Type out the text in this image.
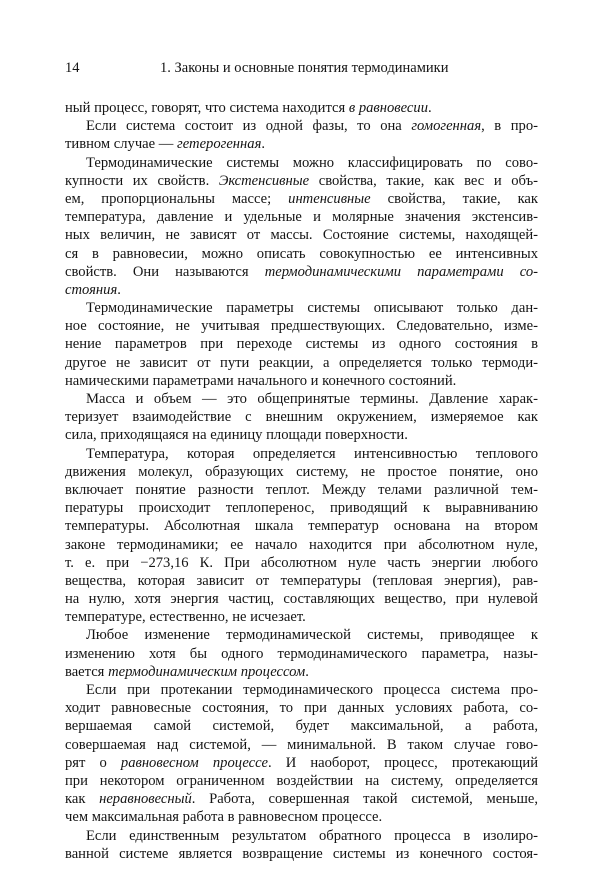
14	1. Законы и основные понятия термодинамики
ный процесс, говорят, что система находится в равновесии.
Если система состоит из одной фазы, то она гомогенная, в про-
тивном случае — гетерогенная.
Термодинамические системы можно классифицировать по сово-
купности их свойств. Экстенсивные свойства, такие, как вес и объ-
ем, пропорциональны массе; интенсивные свойства, такие, как
температура, давление и удельные и молярные значения экстенсив-
ных величин, не зависят от массы. Состояние системы, находящей-
ся в равновесии, можно описать совокупностью ее интенсивных
свойств. Они называются термодинамическими параметрами со-
стояния.
Термодинамические параметры системы описывают только дан-
ное состояние, не учитывая предшествующих. Следовательно, изме-
нение параметров при переходе системы из одного состояния в
другое не зависит от пути реакции, а определяется только термоди-
намическими параметрами начального и конечного состояний.
Масса и объем — это общепринятые термины. Давление харак-
теризует взаимодействие с внешним окружением, измеряемое как
сила, приходящаяся на единицу площади поверхности.
Температура, которая определяется интенсивностью теплового
движения молекул, образующих систему, не простое понятие, оно
включает понятие разности теплот. Между телами различной тем-
пературы происходит теплоперенос, приводящий к выравниванию
температуры. Абсолютная шкала температур основана на втором
законе термодинамики; ее начало находится при абсолютном нуле,
т. е. при −273,16 К. При абсолютном нуле часть энергии любого
вещества, которая зависит от температуры (тепловая энергия), рав-
на нулю, хотя энергия частиц, составляющих вещество, при нулевой
температуре, естественно, не исчезает.
Любое изменение термодинамической системы, приводящее к
изменению хотя бы одного термодинамического параметра, назы-
вается термодинамическим процессом.
Если при протекании термодинамического процесса система про-
ходит равновесные состояния, то при данных условиях работа, со-
вершаемая самой системой, будет максимальной, а работа,
совершаемая над системой, — минимальной. В таком случае гово-
рят о равновесном процессе. И наоборот, процесс, протекающий
при некотором ограниченном воздействии на систему, определяется
как неравновесный. Работа, совершенная такой системой, меньше,
чем максимальная работа в равновесном процессе.
Если единственным результатом обратного процесса в изолиро-
ванной системе является возвращение системы из конечного состоя-
